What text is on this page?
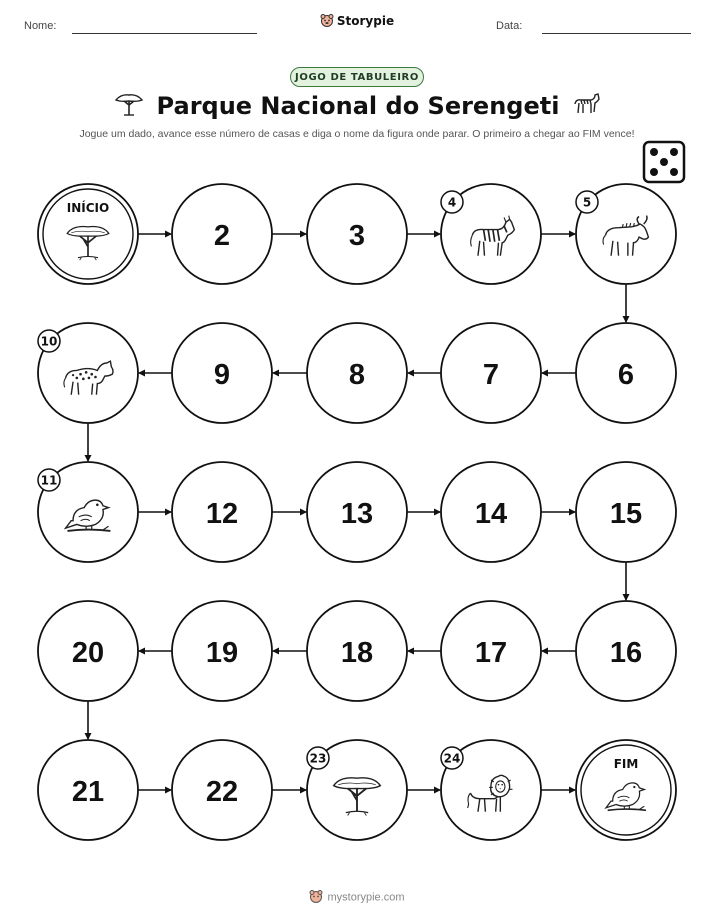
Nome:	Storypie	Data:
JOGO DE TABULEIRO
Parque Nacional do Serengeti
Jogue um dado, avance esse número de casas e diga o nome da figura onde parar. O primeiro a chegar ao FIM vence!
INÍCIO
2	3
4	5
6
7
8
9
10
11
12	13	14	15
16
17
18
19
20
21	22
23	24	FIM
mystorypie.com
